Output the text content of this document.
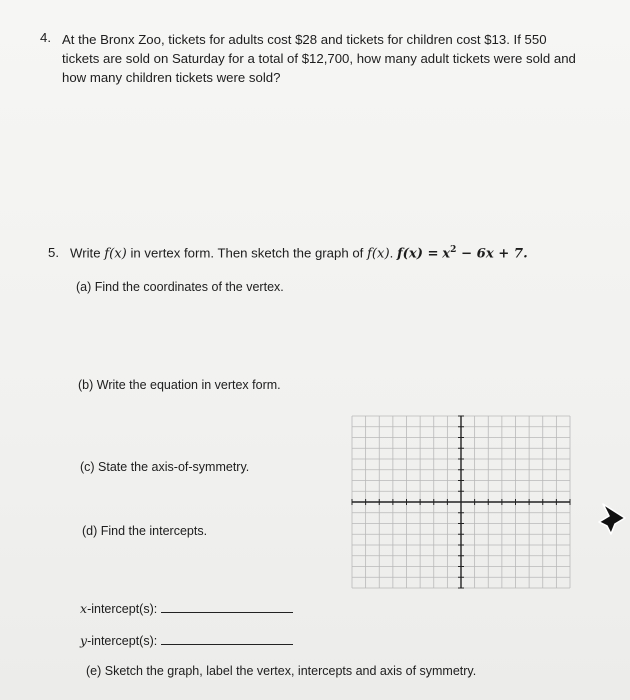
4. At the Bronx Zoo, tickets for adults cost $28 and tickets for children cost $13. If 550
tickets are sold on Saturday for a total of $12,700, how many adult tickets were sold and
how many children tickets were sold?
5. Write f(x) in vertex form. Then sketch the graph of f(x). $f(x) = x^2 - 6x + 7$.
(a) Find the coordinates of the vertex.
(b) Write the equation in vertex form.
(c) State the axis-of-symmetry.
(d) Find the intercepts.
x-intercept(s):
y-intercept(s):
(e) Sketch the graph, label the vertex, intercepts and axis of symmetry.
